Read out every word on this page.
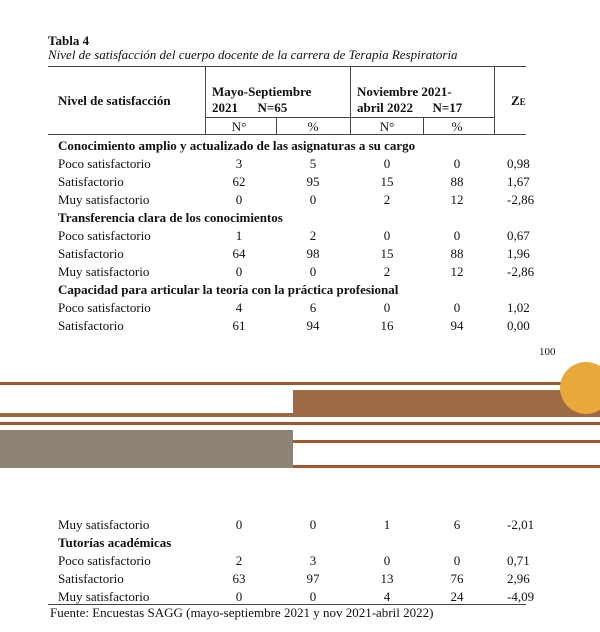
Tabla 4
Nivel de satisfacción del cuerpo docente de la carrera de Terapia Respiratoria
Nivel de satisfacción
Mayo-Septiembre
2021      N=65
Noviembre 2021-
abril 2022      N=17	Ze
N°	%	N°	%
Conocimiento amplio y actualizado de las asignaturas a su cargo
Poco satisfactorio	3	5	0	0	0,98
Satisfactorio	62	95	15	88	1,67
Muy satisfactorio	0	0	2	12	-2,86
Transferencia clara de los conocimientos
Poco satisfactorio	1	2	0	0	0,67
Satisfactorio	64	98	15	88	1,96
Muy satisfactorio	0	0	2	12	-2,86
Capacidad para articular la teoría con la práctica profesional
Poco satisfactorio	4	6	0	0	1,02
Satisfactorio	61	94	16	94	0,00
100
Muy satisfactorio	0	0	1	6	-2,01
Tutorías académicas
Poco satisfactorio	2	3	0	0	0,71
Satisfactorio	63	97	13	76	2,96
Muy satisfactorio	0	0	4	24	-4,09
Fuente: Encuestas SAGG (mayo-septiembre 2021 y nov 2021-abril 2022)
